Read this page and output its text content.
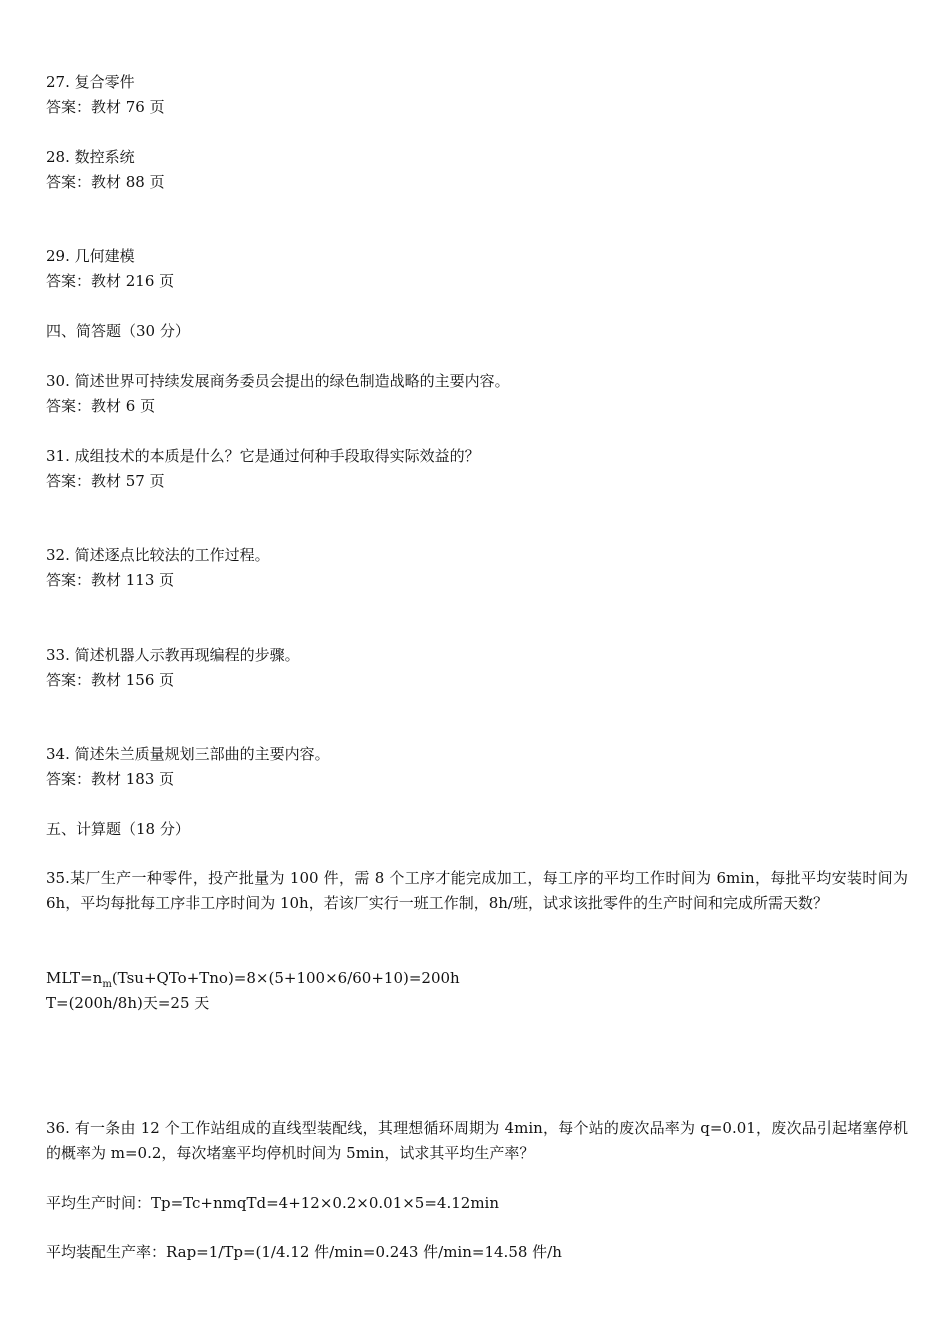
27. 复合零件
答案：教材 76 页
28. 数控系统
答案：教材 88 页
29. 几何建模
答案：教材 216 页
四、简答题（30 分）
30. 简述世界可持续发展商务委员会提出的绿色制造战略的主要内容。
答案：教材 6 页
31. 成组技术的本质是什么？它是通过何种手段取得实际效益的？
答案：教材 57 页
32. 简述逐点比较法的工作过程。
答案：教材 113 页
33. 简述机器人示教再现编程的步骤。
答案：教材 156 页
34. 简述朱兰质量规划三部曲的主要内容。
答案：教材 183 页
五、计算题（18 分）
35.某厂生产一种零件，投产批量为 100 件，需 8 个工序才能完成加工，每工序的平均工作时间为 6min，每批平均安装时间为 6h，平均每批每工序非工序时间为 10h，若该厂实行一班工作制，8h/班，试求该批零件的生产时间和完成所需天数？
$MLT=n_m(Tsu+QTo+Tno)=8\times(5+100\times 6/60+10)=200h$
T=(200h/8h)天=25 天
36. 有一条由 12 个工作站组成的直线型装配线，其理想循环周期为 4min，每个站的废次品率为 q=0.01，废次品引起堵塞停机的概率为 m=0.2，每次堵塞平均停机时间为 5min，试求其平均生产率？
平均生产时间：Tp=Tc+nmqTd=4+12×0.2×0.01×5=4.12min
平均装配生产率：Rap=1/Tp=(1/4.12 件/min=0.243 件/min=14.58 件/h
